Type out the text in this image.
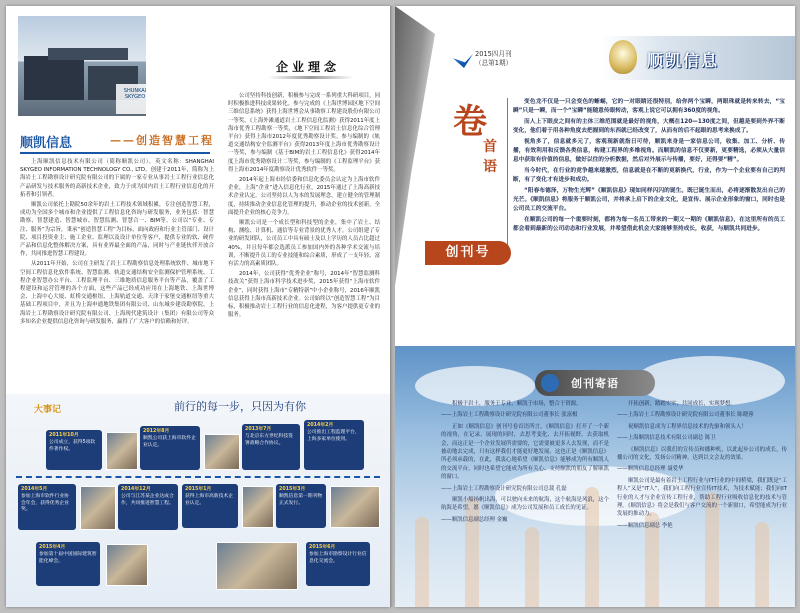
SHUNKAI
SKYGEO
企业理念
顺凯信息	——创造智慧工程

上海顺凯信息技术有限公司（简称顺凯公司），英文名称：SHANGHAI SKYGEO INFORMATION TECHNOLOGY CO., LTD。创建于2011年，简称为上海岩土工程勘察设计研究院有限公司的下属的一家专业从事岩土工程行业信息化产品研发与技术服务的高新技术企业，致力于成为国内岩土工程行业信息化的开拓者和引领者。

顺凯公司依托上勘院50余年的岩土工程技术领域积累，专注创造智慧工程，成功为全国多个城市和企业提供了工程信息化咨询与研发服务，业务包括：智慧勘察、智慧建造、智慧城市、智慧监测、智慧合一、BIM等。公司以“专业、专注、服务”为宗旨，秉承“创造智慧工程”为目标，面向政府和行业主管部门、设计院、项目投资业主、施工企业、监理以及设计单位等客户，提供专业的软、硬件产品和信息化整体解决方案，具有业界最全面的产品，同时与产业链伙伴开放合作，共同推进智慧工程建设。

从2011年开始，公司在主研发了岩土工程勘察信息处理系统软件、城市地下空间工程信息化软件系统、智慧监测、轨道交通结构安全监测保护管理系统、工程企业智慧办公平台、工程监理平台、三维地质信息服务平台等产品，覆盖了工程建设和运营管理的各个方面，这些产品已经成功应用在上海地铁、上海世博会、上海中心大厦、虹桥交通枢纽、上海轨道交通、天津于家堡交通枢纽等重大基础工程项目中，并且为上海申通地铁集团有限公司、山东城乡建设勘察院、上海岩土工程勘察设计研究院有限公司、上海现代建筑设计（集团）有限公司等众多知名企业提供信息化咨询与研发服务，赢得了广大客户的信赖和好评。

公司坚持科技创新，积极参与完成一系列重大科研项目，同时积极推进科技成果转化。参与完成的《上海世博园区地下空间三维信息系统》获得上海世博会从事勘察工程建设股份有限公司一等奖，《上海外滩通道岩土工程信息化监测》获得2011年度上海市优秀工程勘察一等奖，《地下空间工程岩土信息化综合管理平台》获得上海市2012年度优秀勘察设计奖。参与编制的《轨道交通结构安全监测平台》获得2013年度上海市优秀勘察设计一等奖，参与编制《基于BIM的岩土工程信息化》获得2014年度上海市优秀勘察设计二等奖，参与编制的《工程监理平台》获得上海市2014年度勘察设计优秀软件一等奖。

2014年起上海市经信委和信息化委员会认定为上海市软件企业，上海“企业”进入信息化行业，2015年通过了上海高新技术企业认定。公司坚持以人为本的发展理念，建立健全的管理制度，持续推动企业信息化管理的提升，推动企业的技术创新，全面提升企业的核心竞争力。

顺凯公司是一个成长型和科技型的企业，集中了岩土、结构、测绘、计算机、通信等专业背景的优秀人才。公司组建了专业的研发团队，公司员工中具有硕士及以上学历的人员占比超过40%，并且每年都会选派员工参加国内外的各种学术交流与培训，不断提升员工的专业技能和综合素质，形成了一支年轻、富有活力的高素质团队。

2014年，公司获得“优秀企业”称号，2014年“智慧监测科技改关”获得上海市科学技术进步奖，2015年获得“上海市软件企业”，同时获得上海市“专精特新”中小企业称号，2016年顺凯信息获得上海市高新技术企业。公司始终以“创造智慧工程”为目标，积极推动岩土工程行业的信息化进程，为客户提供更专业的服务。

大事记	前行的每一步，只因为有你
2011年10月
公司成立，获得5项软件著作权。
2012年8月
顺凯公司获上海市软件企业认定。
2013年7月
与北京东方世纪科技签署战略合作协议。
2014年2月
公司推出工程监理平台，上海多家单位使用。
2014年5月
参加上海市软件行业协会年会，获得优秀企业奖。
2014年12月
公司与江苏某企业达成合作，共同推进智慧工程。
2015年1月
获得上海市高新技术企业认定。
2015年3月
顺凯信息第一期刊物正式发行。
2015年4月
参加第十届中国国际建筑智能化峰会。
2015年6月
参加上海市勘察设计行业信息化交流会。
2015四月刊
（总第1期）	顺凯信息
卷
首
语
创刊号

变色龙不仅是一只会变色的蜥蜴，它的一对眼睛还很特别，给你两个宝瞬，两眼珠就是转来转去，“宝瞬”只是一瞬，而一个“宝瞬”能随意传眼转动，客观上说它可以拥有360度的视角。

而人上下眼皮之间有的主体三维范围就是最好的视角，大概在120—130度之间，但越是要到外界不断变化，他们着于用各种角度去把握到的东西就已经改变了，从而有的后不起眼的思考来换成了。

视角多了，信息就多元了，客观现新就指日可待，顺凯来身是一家信息公司，收集、加工、分析、传播，有效利用和反馈各类信息，构建工程界的多维视角。而顺凯的信息不仅要新，更要精选，必须从大量信息中获取有价值的信息，做好以往的分析数据，然后对外展示与传播，要好，还得要“精”。

当今时代，在行业的竞争越来越激烈，信息就是在不断的更新换代，行业，作为一个企业要有自己的判断，有了变化才有进步和成功。

“阳春布德泽，万物生光辉”《顺凯信息》现如同样闪闪的诞生。既已诞生而出，必将逐渐散发出自己的光芒。《顺凯信息》将服务于顺凯公司，并将承上启下的企业文化，是宣传、展示企业形象的窗口，同时也是公司员工的交流平台。

在顺凯公司的每一个重要时刻，都将为每一名员工带来的一期又一期的《顺凯信息》，在这里所有的员工都会看到最新的公司动态和行业发展，并希望借此机会大家能够坚持成长，收获，与顺凯共同进步。

创刊寄语

积极于岩土，服务于专业，顺凯于市场，整合于资源。

——上海岩土工程勘察设计研究院有限公司董事长 张富根

正如《顺凯信息》创刊号卷首语所言，《顺凯信息》打开了一个新的视角，在记录、展现的同时，去思考变化、去开拓视野，去获取机会，而这正是一个企业发展所需要的，它需要被更多人去发现，而不是被动地去完成，只有这样我们才能更好地发展。这也正是《顺凯信息》所必须承载的，在此，我衷心地希望《顺凯信息》能够成为所有顺凯人的交流平台，同时也希望它能成为所有关心、支持顺凯的朋友了解顺凯的窗口。

——上海岩土工程勘察设计研究院有限公司总裁 孔磊

顺凯小船扬帆出海，可以驶向未来的航海，这个航海是风浪，这个航海是希望，愿《顺凯信息》成为公司发展和员工成长的见证。

——顺凯信息副总经理 金巍

开拓创新，踏踏实实，共同成长，实现梦想。

——上海岩土工程勘察设计研究院有限公司董事长 陈晓蓉

祝顺凯信息成为工程界信息技术的先驱和领头人！

——上海顺凯信息技术有限公司副总 陈卫

《顺凯信息》以我们的宣传员和播种机，以此起步公司的成长，传播公司的文化，发扬公司精神，达到以文会友的效果。

——顺凯信息总经理 聂爱华

顺凯公司是最有着岩土工程行业与IT行业的中间桥梁，我们既是“工程人”又是“IT人”，我们向工程行业宣传IT技术，为技术赋能；我们向IT行业的人才与企业宣传工程行业，帮助工程行业吸收信息化的技术与管理。《顺凯信息》将会是我们与客户交流的一个新窗口，希望能成为行业发展的推动力。

——顺凯信息副总 李艳
